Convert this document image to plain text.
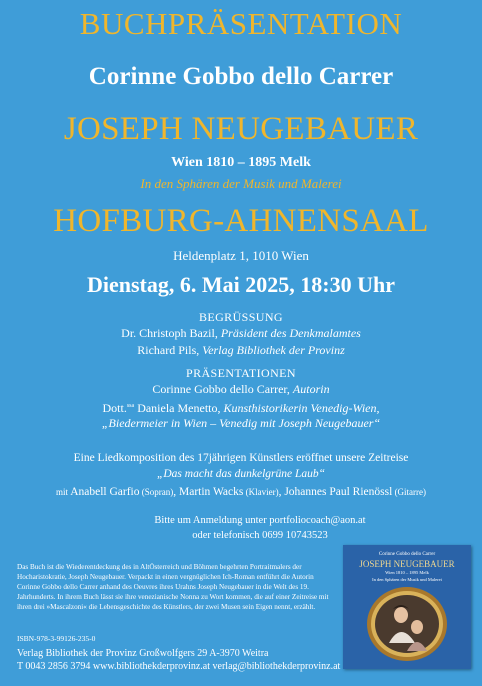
BUCHPRÄSENTATION
Corinne Gobbo dello Carrer
JOSEPH NEUGEBAUER
Wien 1810 – 1895 Melk
In den Sphären der Musik und Malerei
HOFBURG-AHNENSAAL
Heldenplatz 1, 1010 Wien
Dienstag, 6. Mai 2025, 18:30 Uhr
BEGRÜSSUNG
Dr. Christoph Bazil, Präsident des Denkmalamtes
Richard Pils, Verlag Bibliothek der Provinz
PRÄSENTATIONEN
Corinne Gobbo dello Carrer, Autorin
Dott.$^{ssa}$ Daniela Menetto, Kunsthistorikerin Venedig-Wien,
„Biedermeier in Wien – Venedig mit Joseph Neugebauer“
Eine Liedkomposition des 17jährigen Künstlers eröffnet unsere Zeitreise
„Das macht das dunkelgrüne Laub“
mit Anabell Garfio (Sopran), Martin Wacks (Klavier), Johannes Paul Rienössl (Gitarre)
Bitte um Anmeldung unter portfoliocoach@aon.at
oder telefonisch 0699 10743523
Das Buch ist die Wiederentdeckung des in AltÖsterreich und Böhmen begehrten Portraitmalers der Hocharistokratie, Joseph Neugebauer. Verpackt in einen vergnüglichen Ich-Roman entführt die Autorin Corinne Gobbo dello Carrer anhand des Oeuvres ihres Urahns Joseph Neugebauer in die Welt des 19. Jahrhunderts. In ihrem Buch lässt sie ihre venezianische Nonna zu Wort kommen, die auf einer Zeitreise mit ihren drei »Mascalzoni« die Lebensgeschichte des Künstlers, der zwei Musen sein Eigen nennt, erzählt.
ISBN-978-3-99126-235-0
Verlag Bibliothek der Provinz Großwolfgers 29 A-3970 Weitra
T 0043 2856 3794 www.bibliothekderprovinz.at verlag@bibliothekderprovinz.at
Corinne Gobbo dello Carrer
JOSEPH NEUGEBAUER
Wien 1810 – 1895 Melk
In den Sphären der Musik und Malerei
